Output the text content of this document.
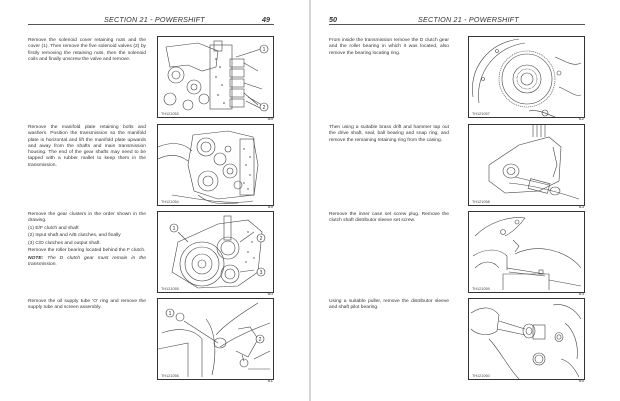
SECTION 21 - POWERSHIFT	49

Remove the solenoid cover retaining nuts and the cover (1). Then remove the five solenoid valves (2) by firstly removing the retaining nuts, then the solenoid coils and finally unscrew the valve and remove.

1
2
TH121053
58

Remove the manifold plate retaining bolts and washers. Position the transmission so the manifold plate is horizontal and lift the manifold plate upwards and away from the shafts and main transmission housing. The end of the gear shafts may need to be tapped with a rubber mallet to keep them in the transmission.

TH121054
59

Remove the gear clusters in the order shown in the drawing.

(1) E/F clutch and shaft

(2) Input shaft and A/B clutches, and finally

(3) C/D clutches and output shaft.

Remove the roller bearing located behind the F clutch.

NOTE: The D clutch gear must remain in the transmission.

1
2
3
TH121055
60

Remove the oil supply tube 'O' ring and remove the supply tube and screen assembly.

1
2
TH121056
61
50	SECTION 21 - POWERSHIFT

From inside the transmission remove the D clutch gear and the roller bearing in which it was located, also remove the bearing locating ring.

TH121057
62

Then using a suitable brass drift and hammer tap out the drive shaft, seal, ball bearing and snap ring, and remove the remaining retaining ring from the casing.

TH121058
63

Remove the inner case set screw plug. Remove the clutch shaft distributor sleeve set screw.

TH121059
64

Using a suitable puller, remove the distributor sleeve and shaft pilot bearing.

TH121060
65
